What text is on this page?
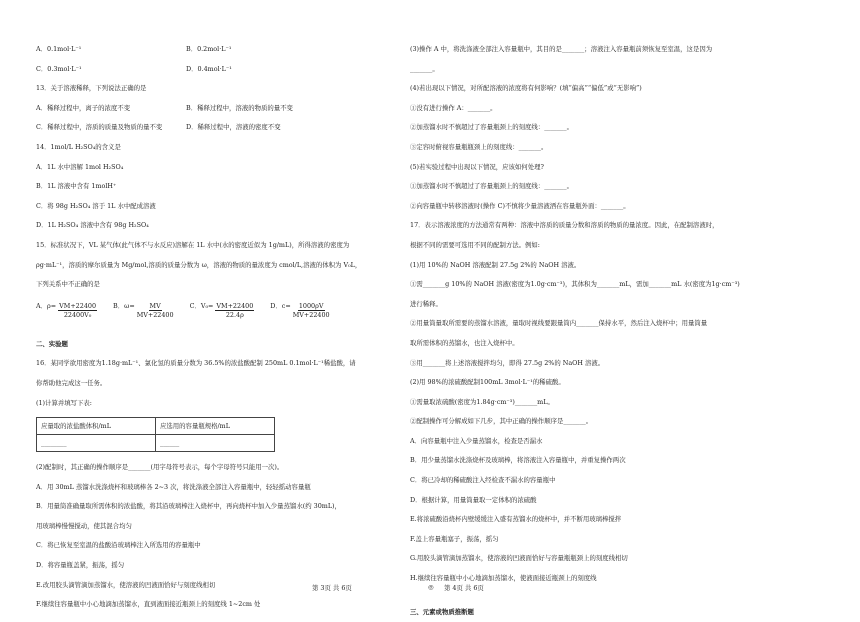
A．0.1mol·L⁻¹	B．0.2mol·L⁻¹
C．0.3mol·L⁻¹	D．0.4mol·L⁻¹
13．关于溶液稀释，下列说法正确的是
A．稀释过程中，离子的浓度不变	B．稀释过程中，溶液的物质的量不变
C．稀释过程中，溶质的质量及物质的量不变	D．稀释过程中，溶液的密度不变
14．1mol/L H₂SO₄的含义是
A．1L 水中溶解 1mol H₂SO₄
B．1L 溶液中含有 1molH⁺
C．将 98g H₂SO₄ 溶于 1L 水中配成溶液
D．1L H₂SO₄ 溶液中含有 98g H₂SO₄
15．标准状况下，VL 某气体(此气体不与水反应)溶解在 1L 水中(水的密度近似为 1g/mL)，所得溶液的密度为
ρg·mL⁻¹，溶质的摩尔质量为 Mg/mol,溶质的质量分数为 ω，溶液的物质的量浓度为 cmol/L,溶液的体积为 V₀L，
下列关系中不正确的是
A．$\rho= \frac{VM+22400}{\text{22400V₀}}$	B．$\omega= \frac{MV}{MV+22400}$	C．$V_0= \frac{VM+22400}{22.4\rho}$	D．$c= \frac{1000\rho V}{MV+22400}$
二、实验题
16．某同学欲用密度为1.18g·mL⁻¹、氯化氢的质量分数为 36.5%的浓盐酸配制 250mL 0.1mol·L⁻¹稀盐酸，请
你帮助他完成这一任务。
(1)计算并填写下表:
应量取的浓盐酸体积/mL	应选用的容量瓶规格/mL
________	______
(2)配制时，其正确的操作顺序是_______(用字母符号表示，每个字母符号只能用一次)。
A．用 30mL 蒸馏水洗涤烧杯和玻璃棒各 2~3 次，将洗涤液全部注入容量瓶中，轻轻摇动容量瓶
B．用量筒准确量取所需体积的浓盐酸，将其沿玻璃棒注入烧杯中，再向烧杯中加入少量蒸馏水(约 30mL)，
用玻璃棒慢慢搅动，使其混合均匀
C．将已恢复至室温的盐酸沿玻璃棒注入所选用的容量瓶中
D．将容量瓶盖紧，振荡，摇匀
E.改用胶头滴管滴加蒸馏水，使溶液的凹液面恰好与刻度线相切
F.继续往容量瓶中小心地滴加蒸馏水，直到液面接近瓶颈上的刻度线 1~2cm 处
(3)操作 A 中，将洗涤液全部注入容量瓶中，其目的是_______；溶液注入容量瓶前须恢复至室温，这是因为
_______。
(4)若出现以下情况，对所配溶液的浓度将有何影响？(填“偏高”“偏低”或“无影响”)
①没有进行操作 A：_______。
②加蒸馏水时不慎超过了容量瓶颈上的刻度线：_______。
③定容时俯视容量瓶瓶颈上的刻度线：_______。
(5)若实验过程中出现以下情况，应该如何处理?
①加蒸馏水时不慎超过了容量瓶颈上的刻度线：_______。
②向容量瓶中转移溶液时(操作 C)不慎将少量溶液洒在容量瓶外面：_______。
17．表示溶液浓度的方法通常有两种：溶液中溶质的质量分数和溶质的物质的量浓度。因此，在配制溶液时，
根据不同的需要可选用不同的配制方法。例如:
(1)用 10%的 NaOH 溶液配制 27.5g 2%的 NaOH 溶液。
①需_______g 10%的 NaOH 溶液(密度为1.0g·cm⁻³)，其体积为_______mL，需加_______mL 水(密度为1g·cm⁻³)
进行稀释。
②用量筒量取所需要的蒸馏水溶液，量取时视线要跟量筒内_______保持水平，然后注入烧杯中；用量筒量
取所需体积的蒸馏水，也注入烧杯中。
③用_______将上述溶液搅拌均匀，即得 27.5g 2%的 NaOH 溶液。
(2)用 98%的浓硫酸配制100mL 3mol·L⁻¹的稀硫酸。
①需量取浓硫酸(密度为1.84g·cm⁻³)_______mL。
②配制操作可分解成如下几步，其中正确的操作顺序是_______。
A．向容量瓶中注入少量蒸馏水，检查是否漏水
B．用少量蒸馏水洗涤烧杯及玻璃棒，将溶液注入容量瓶中，并重复操作两次
C．将已冷却的稀硫酸注入经检查不漏水的容量瓶中
D．根据计算，用量筒量取一定体积的浓硫酸
E.将浓硫酸沿烧杯内壁缓缓注入盛有蒸馏水的烧杯中，并不断用玻璃棒搅拌
F.盖上容量瓶塞子，振荡，摇匀
G.用胶头滴管滴加蒸馏水，使溶液的凹液面恰好与容量瓶瓶颈上的刻度线相切
H.继续往容量瓶中小心地滴加蒸馏水，使液面接近瓶颈上的刻度线
三、元素或物质推断题
第 3页 共 6页	◎ 第 4页 共 6页
